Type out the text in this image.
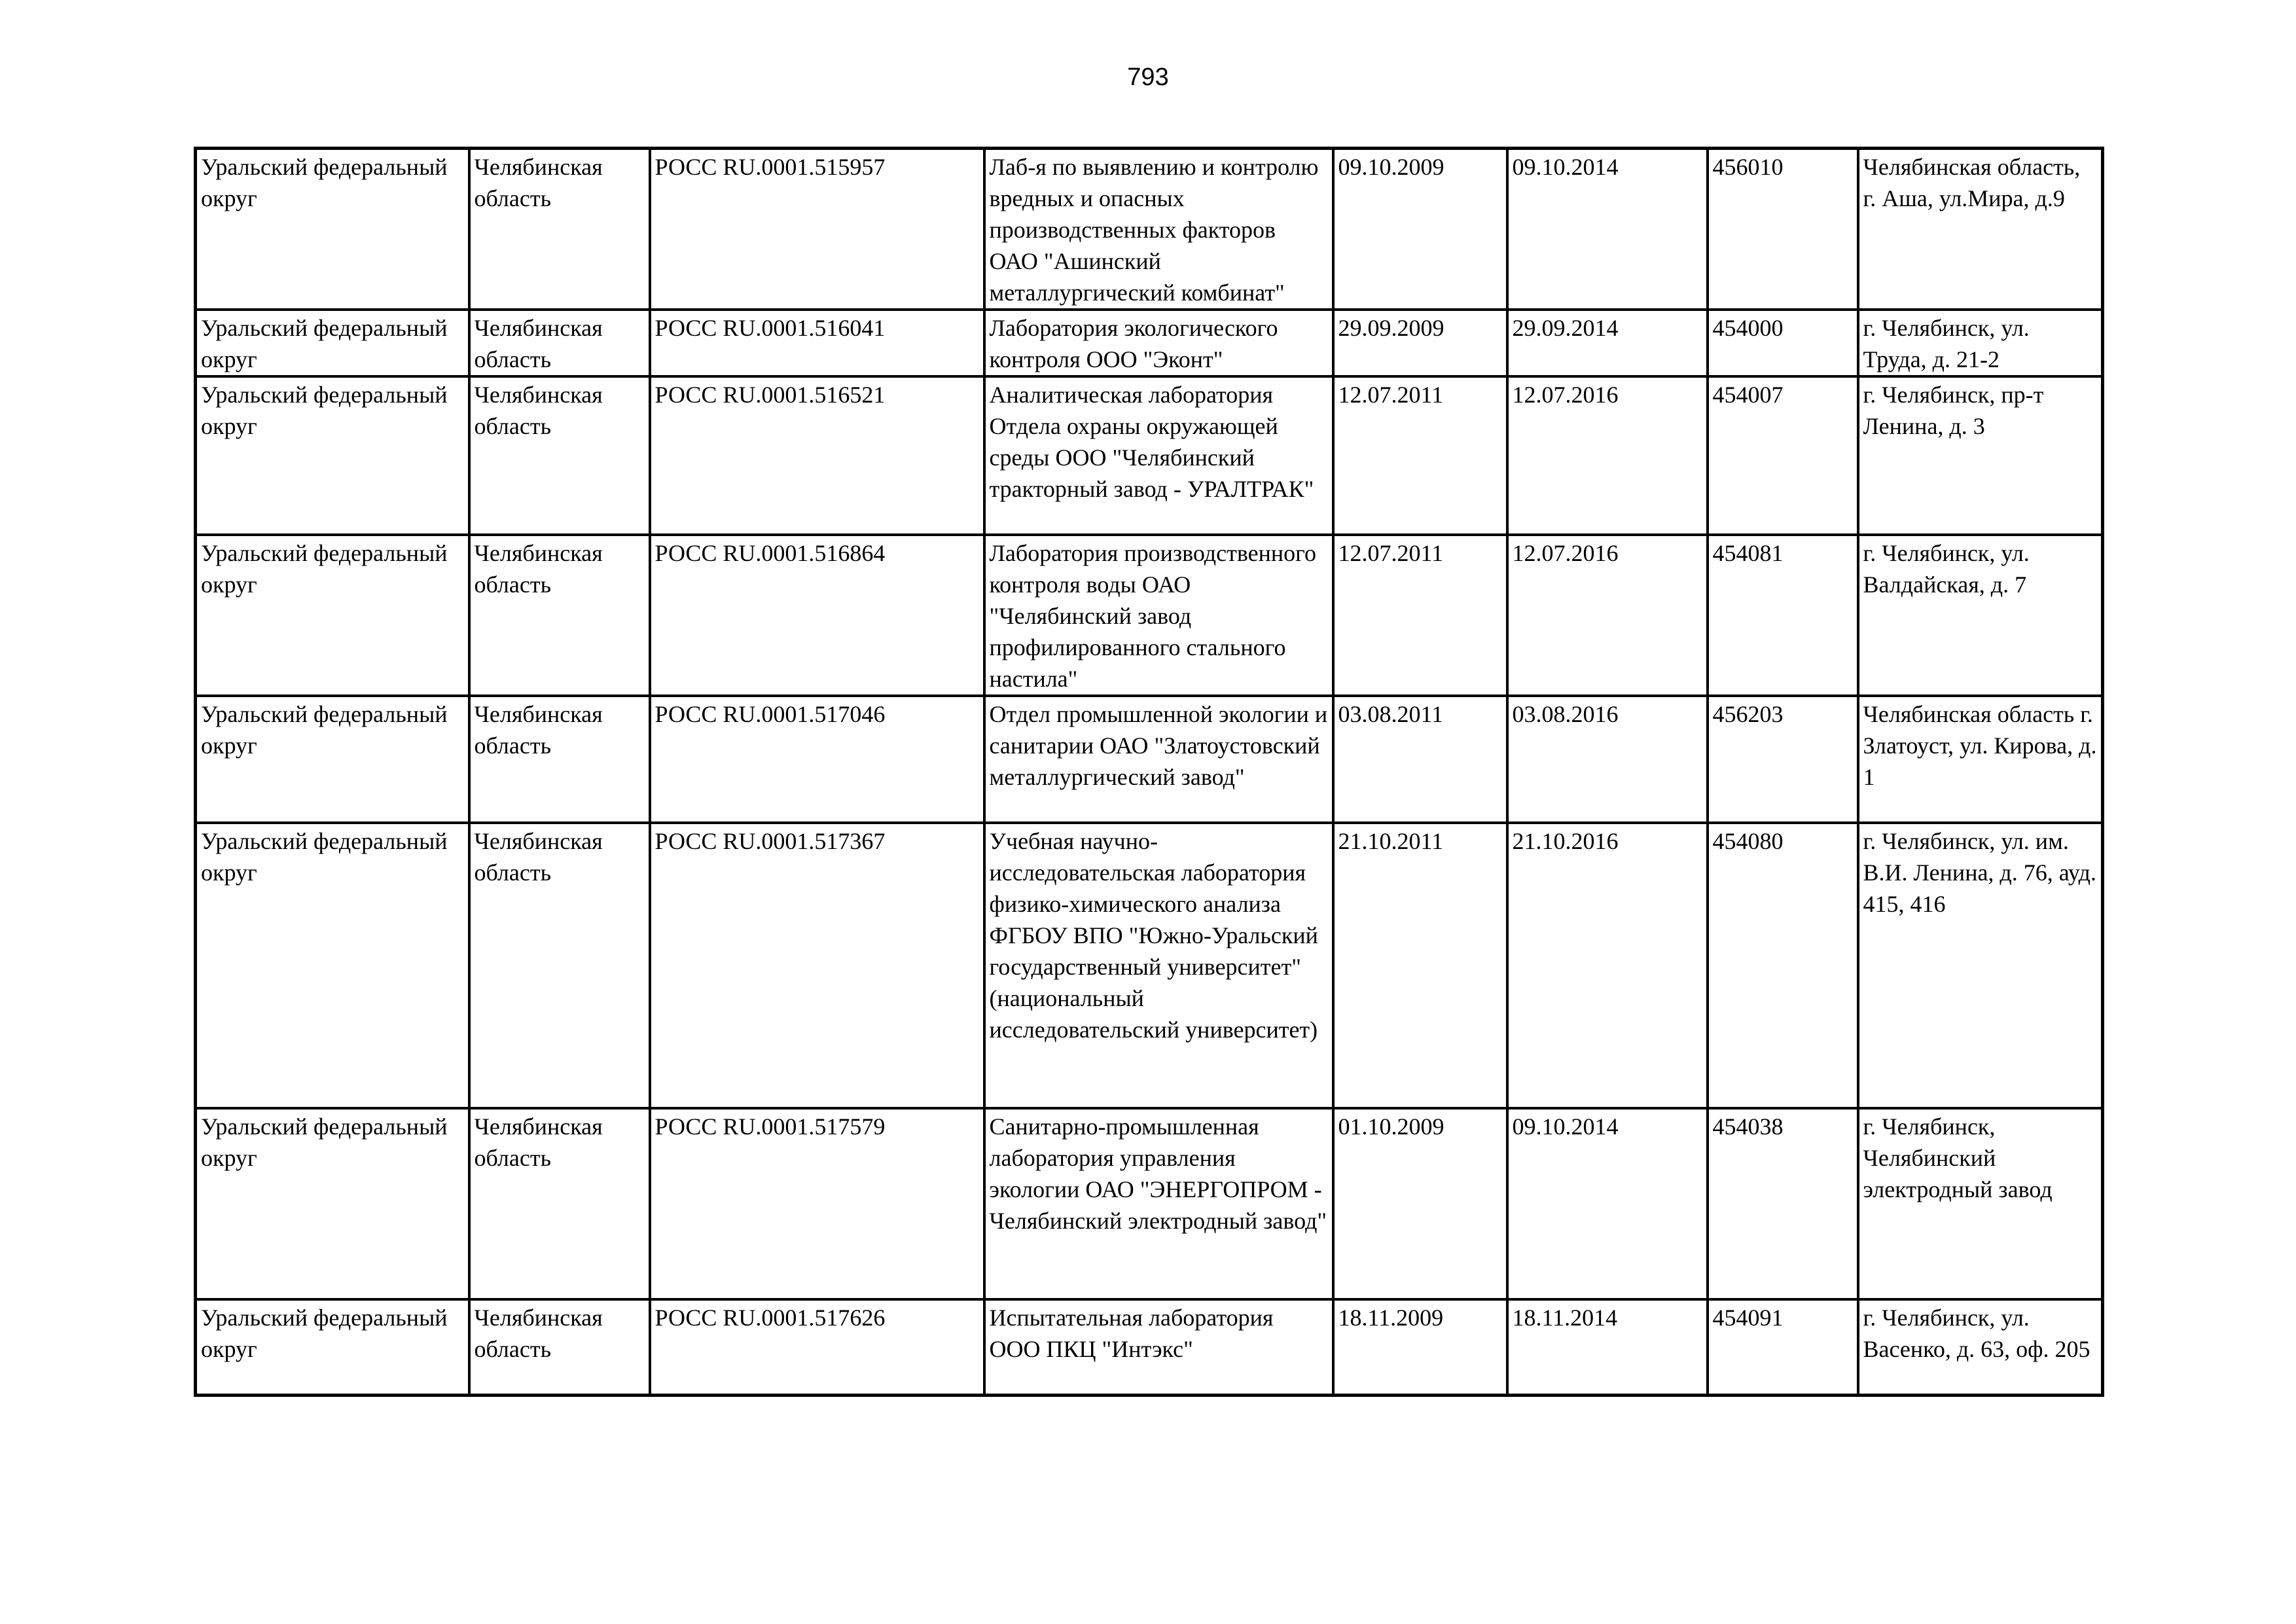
793
Уральский федеральный округ	Челябинская область	РОСС RU.0001.515957	Лаб-я по выявлению и контролю вредных и опасных производственных факторов ОАО "Ашинский металлургический комбинат"	09.10.2009	09.10.2014	456010	Челябинская область, г. Аша, ул.Мира, д.9
Уральский федеральный округ	Челябинская область	РОСС RU.0001.516041	Лаборатория экологического контроля ООО "Эконт"	29.09.2009	29.09.2014	454000	г. Челябинск, ул. Труда, д. 21-2
Уральский федеральный округ	Челябинская область	РОСС RU.0001.516521	Аналитическая лаборатория Отдела охраны окружающей среды ООО "Челябинский тракторный завод - УРАЛТРАК"	12.07.2011	12.07.2016	454007	г. Челябинск, пр-т Ленина, д. 3
Уральский федеральный округ	Челябинская область	РОСС RU.0001.516864	Лаборатория производственного контроля воды ОАО "Челябинский завод профилированного стального настила"	12.07.2011	12.07.2016	454081	г. Челябинск, ул. Валдайская, д. 7
Уральский федеральный округ	Челябинская область	РОСС RU.0001.517046	Отдел промышленной экологии и санитарии ОАО "Златоустовский металлургический завод"	03.08.2011	03.08.2016	456203	Челябинская область г. Златоуст, ул. Кирова, д. 1
Уральский федеральный округ	Челябинская область	РОСС RU.0001.517367	Учебная научно-исследовательская лаборатория физико-химического анализа ФГБОУ ВПО "Южно-Уральский государственный университет" (национальный исследовательский университет)	21.10.2011	21.10.2016	454080	г. Челябинск, ул. им. В.И. Ленина, д. 76, ауд. 415, 416
Уральский федеральный округ	Челябинская область	РОСС RU.0001.517579	Санитарно-промышленная лаборатория управления экологии ОАО "ЭНЕРГОПРОМ - Челябинский электродный завод"	01.10.2009	09.10.2014	454038	г. Челябинск, Челябинский электродный завод
Уральский федеральный округ	Челябинская область	РОСС RU.0001.517626	Испытательная лаборатория ООО ПКЦ "Интэкс"	18.11.2009	18.11.2014	454091	г. Челябинск, ул. Васенко, д. 63, оф. 205
